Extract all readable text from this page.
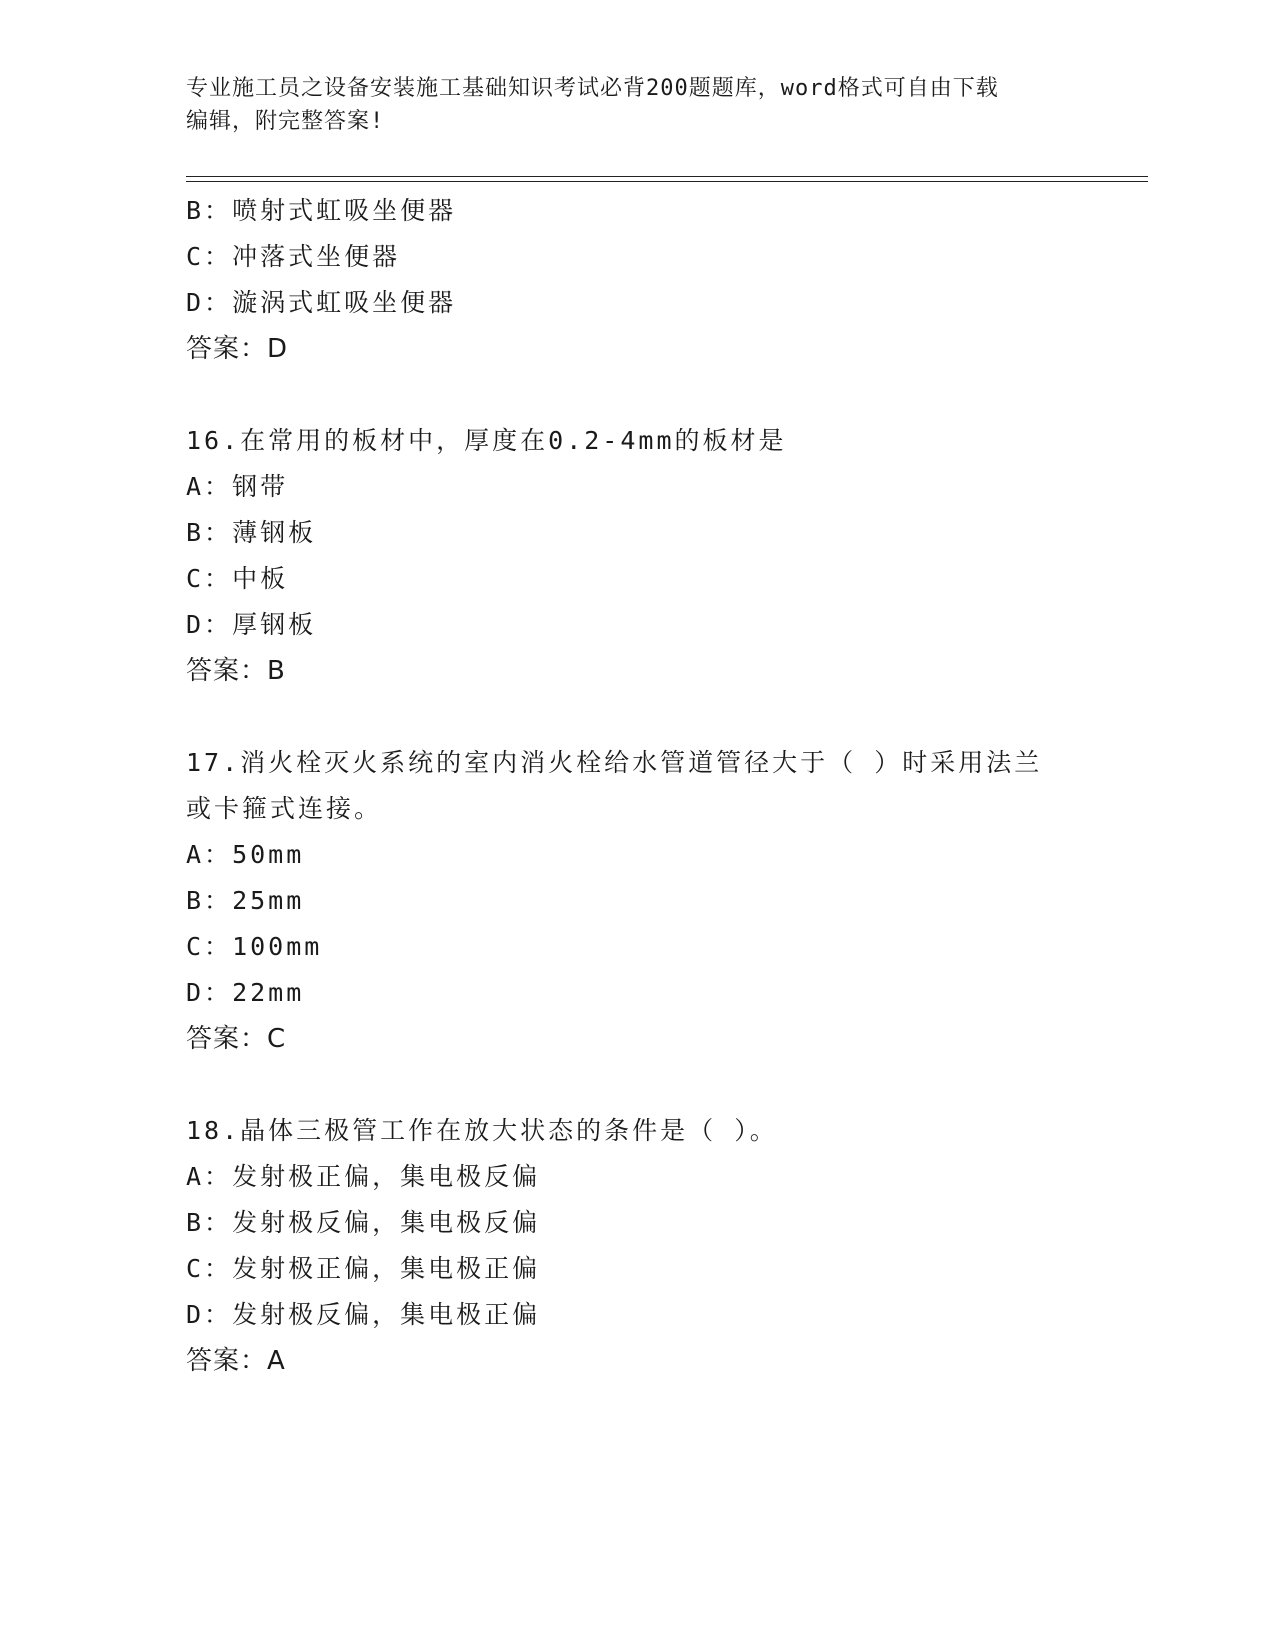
专业施工员之设备安装施工基础知识考试必背200题题库，word格式可自由下载
编辑，附完整答案!
B：喷射式虹吸坐便器
C：冲落式坐便器
D：漩涡式虹吸坐便器
答案：D
16.在常用的板材中，厚度在0.2-4mm的板材是
A：钢带
B：薄钢板
C：中板
D：厚钢板
答案：B
17.消火栓灭火系统的室内消火栓给水管道管径大于（ ）时采用法兰
或卡箍式连接。
A：50mm
B：25mm
C：100mm
D：22mm
答案：C
18.晶体三极管工作在放大状态的条件是（ ）。
A：发射极正偏，集电极反偏
B：发射极反偏，集电极反偏
C：发射极正偏，集电极正偏
D：发射极反偏，集电极正偏
答案：A
